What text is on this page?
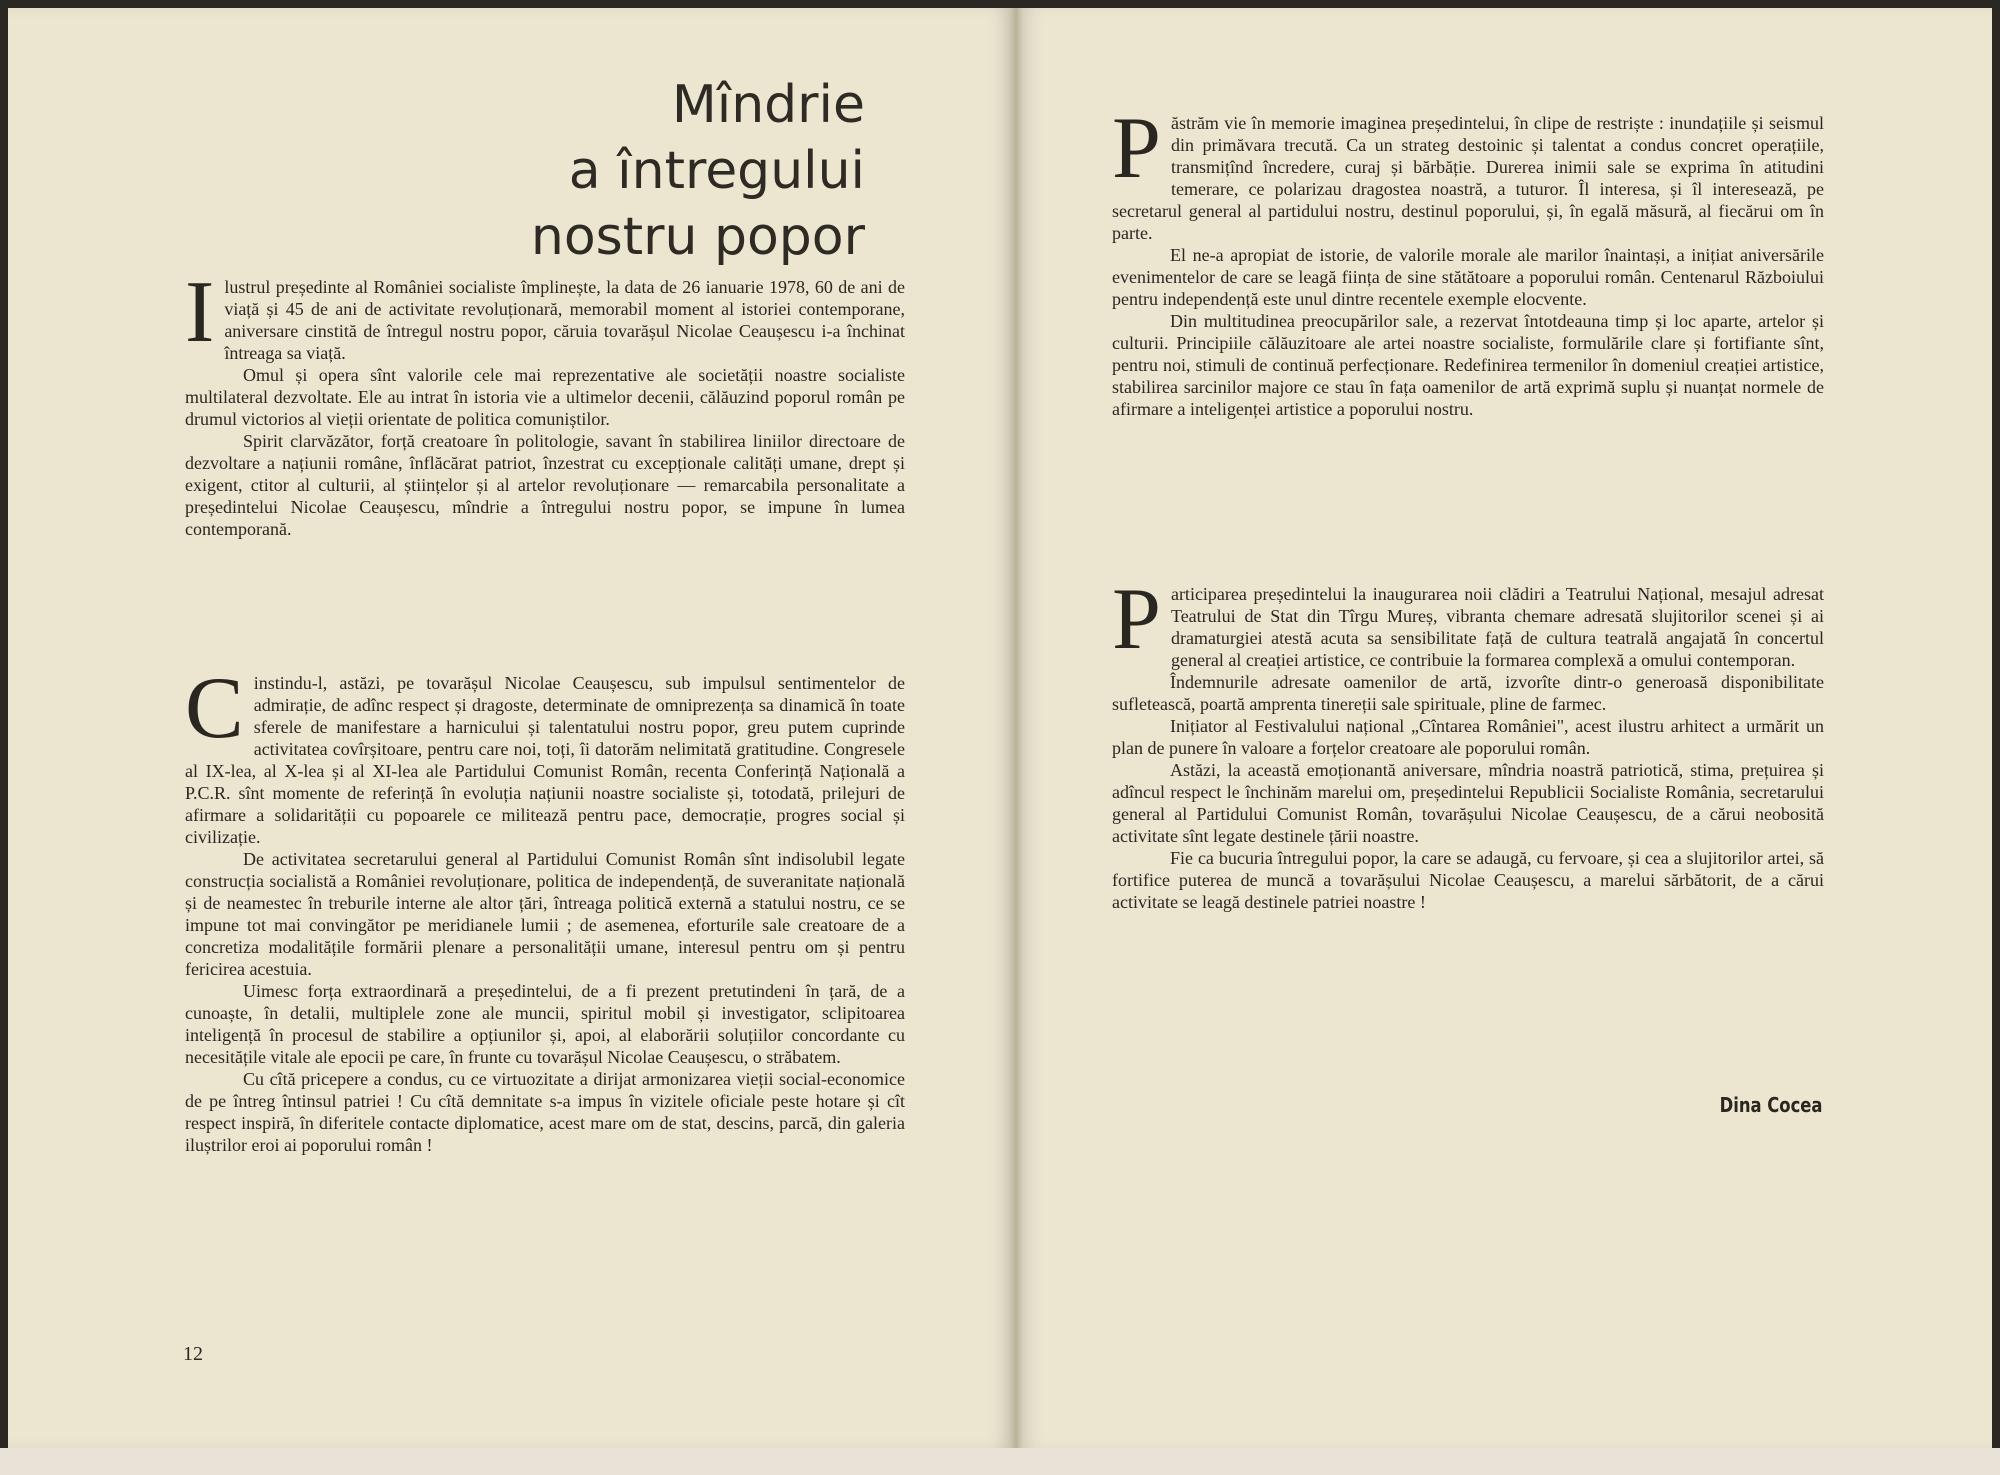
Mîndrie
a întregului
nostru popor

Ilustrul președinte al României socialiste împlinește, la data de 26 ianuarie 1978, 60 de ani de viață și 45 de ani de activitate revoluționară, memorabil moment al istoriei contemporane, aniversare cinstită de întregul nostru popor, căruia tovarășul Nicolae Ceaușescu i-a închinat întreaga sa viață.

Omul și opera sînt valorile cele mai reprezentative ale societății noastre socialiste multilateral dezvoltate. Ele au intrat în istoria vie a ultimelor decenii, călăuzind poporul român pe drumul victorios al vieții orientate de politica comuniștilor.

Spirit clarvăzător, forță creatoare în politologie, savant în stabilirea liniilor directoare de dezvoltare a națiunii române, înflăcărat patriot, înzestrat cu excepționale calități umane, drept și exigent, ctitor al culturii, al științelor și al artelor revoluționare — remarcabila personalitate a președintelui Nicolae Ceaușescu, mîndrie a întregului nostru popor, se impune în lumea contemporană.

Cinstindu-l, astăzi, pe tovarășul Nicolae Ceaușescu, sub impulsul sentimentelor de admirație, de adînc respect și dragoste, determinate de omniprezența sa dinamică în toate sferele de manifestare a harnicului și talentatului nostru popor, greu putem cuprinde activitatea covîrșitoare, pentru care noi, toți, îi datorăm nelimitată gratitudine. Congresele al IX-lea, al X-lea și al XI-lea ale Partidului Comunist Român, recenta Conferință Națională a P.C.R. sînt momente de referință în evoluția națiunii noastre socialiste și, totodată, prilejuri de afirmare a solidarității cu popoarele ce militează pentru pace, democrație, progres social și civilizație.

De activitatea secretarului general al Partidului Comunist Român sînt indisolubil legate construcția socialistă a României revoluționare, politica de independență, de suveranitate națională și de neamestec în treburile interne ale altor țări, întreaga politică externă a statului nostru, ce se impune tot mai convingător pe meridianele lumii ; de asemenea, eforturile sale creatoare de a concretiza modalitățile formării plenare a personalității umane, interesul pentru om și pentru fericirea acestuia.

Uimesc forța extraordinară a președintelui, de a fi prezent pretutindeni în țară, de a cunoaște, în detalii, multiplele zone ale muncii, spiritul mobil și investigator, sclipitoarea inteligență în procesul de stabilire a opțiunilor și, apoi, al elaborării soluțiilor concordante cu necesitățile vitale ale epocii pe care, în frunte cu tovarășul Nicolae Ceaușescu, o străbatem.

Cu cîtă pricepere a condus, cu ce virtuozitate a dirijat armonizarea vieții social-economice de pe întreg întinsul patriei ! Cu cîtă demnitate s-a impus în vizitele oficiale peste hotare și cît respect inspiră, în diferitele contacte diplomatice, acest mare om de stat, descins, parcă, din galeria iluștrilor eroi ai poporului român !

12

Păstrăm vie în memorie imaginea președintelui, în clipe de restriște : inundațiile și seismul din primăvara trecută. Ca un strateg destoinic și talentat a condus concret operațiile, transmițînd încredere, curaj și bărbăție. Durerea inimii sale se exprima în atitudini temerare, ce polarizau dragostea noastră, a tuturor. Îl interesa, și îl interesează, pe secretarul general al partidului nostru, destinul poporului, și, în egală măsură, al fiecărui om în parte.

El ne-a apropiat de istorie, de valorile morale ale marilor înaintași, a inițiat aniversările evenimentelor de care se leagă ființa de sine stătătoare a poporului român. Centenarul Războiului pentru independență este unul dintre recentele exemple elocvente.

Din multitudinea preocupărilor sale, a rezervat întotdeauna timp și loc aparte, artelor și culturii. Principiile călăuzitoare ale artei noastre socialiste, formulările clare și fortifiante sînt, pentru noi, stimuli de continuă perfecționare. Redefinirea termenilor în domeniul creației artistice, stabilirea sarcinilor majore ce stau în fața oamenilor de artă exprimă suplu și nuanțat normele de afirmare a inteligenței artistice a poporului nostru.

Participarea președintelui la inaugurarea noii clădiri a Teatrului Național, mesajul adresat Teatrului de Stat din Tîrgu Mureș, vibranta chemare adresată slujitorilor scenei și ai dramaturgiei atestă acuta sa sensibilitate față de cultura teatrală angajată în concertul general al creației artistice, ce contribuie la formarea complexă a omului contemporan.

Îndemnurile adresate oamenilor de artă, izvorîte dintr-o generoasă disponibilitate sufletească, poartă amprenta tinereții sale spirituale, pline de farmec.

Inițiator al Festivalului național „Cîntarea României", acest ilustru arhitect a urmărit un plan de punere în valoare a forțelor creatoare ale poporului român.

Astăzi, la această emoționantă aniversare, mîndria noastră patriotică, stima, prețuirea și adîncul respect le închinăm marelui om, președintelui Republicii Socialiste România, secretarului general al Partidului Comunist Român, tovarășului Nicolae Ceaușescu, de a cărui neobosită activitate sînt legate destinele țării noastre.

Fie ca bucuria întregului popor, la care se adaugă, cu fervoare, și cea a slujitorilor artei, să fortifice puterea de muncă a tovarășului Nicolae Ceaușescu, a marelui sărbătorit, de a cărui activitate se leagă destinele patriei noastre !

Dina Cocea
